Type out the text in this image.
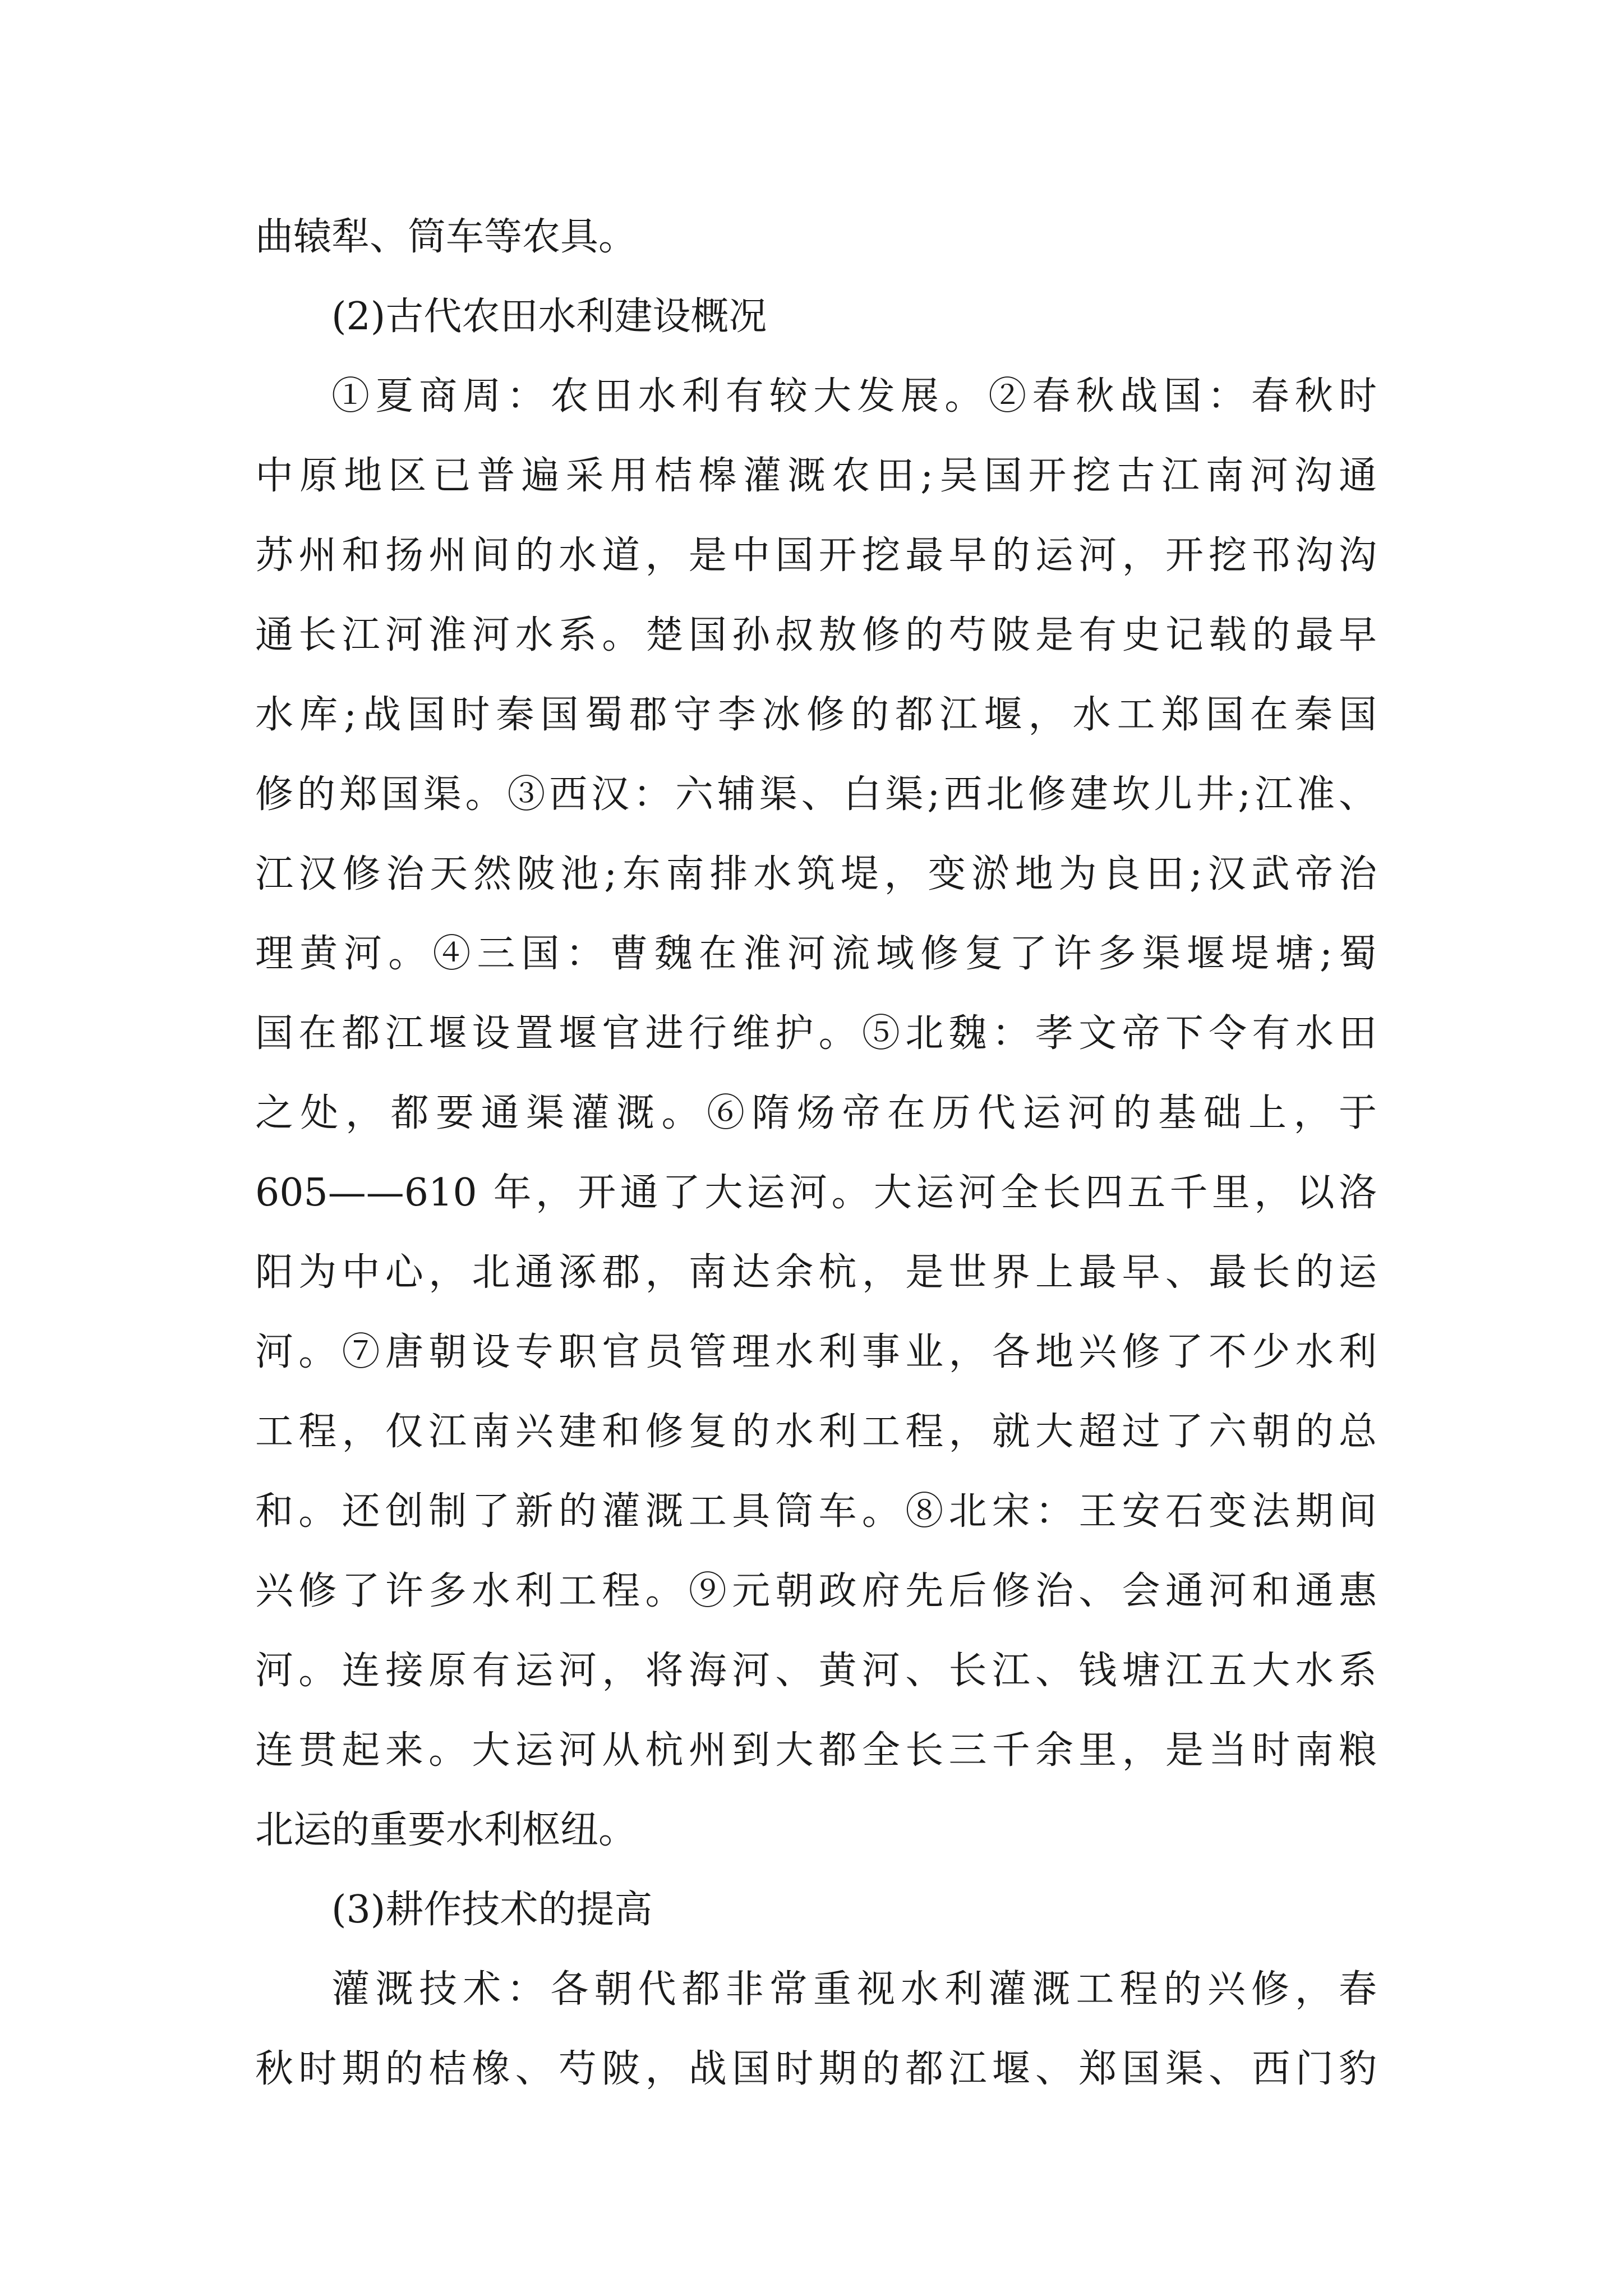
曲辕犁、筒车等农具。
(2)古代农田水利建设概况
①夏商周：农田水利有较大发展。②春秋战国：春秋时
中原地区已普遍采用桔槔灌溉农田;吴国开挖古江南河沟通
苏州和扬州间的水道，是中国开挖最早的运河，开挖邗沟沟
通长江河淮河水系。楚国孙叔敖修的芍陂是有史记载的最早
水库;战国时秦国蜀郡守李冰修的都江堰，水工郑国在秦国
修的郑国渠。③西汉：六辅渠、白渠;西北修建坎儿井;江准、
江汉修治天然陂池;东南排水筑堤，变淤地为良田;汉武帝治
理黄河。④三国：曹魏在淮河流域修复了许多渠堰堤塘;蜀
国在都江堰设置堰官进行维护。⑤北魏：孝文帝下令有水田
之处，都要通渠灌溉。⑥隋炀帝在历代运河的基础上，于
605——610 年，开通了大运河。大运河全长四五千里，以洛
阳为中心，北通涿郡，南达余杭，是世界上最早、最长的运
河。⑦唐朝设专职官员管理水利事业，各地兴修了不少水利
工程，仅江南兴建和修复的水利工程，就大超过了六朝的总
和。还创制了新的灌溉工具筒车。⑧北宋：王安石变法期间
兴修了许多水利工程。⑨元朝政府先后修治、会通河和通惠
河。连接原有运河，将海河、黄河、长江、钱塘江五大水系
连贯起来。大运河从杭州到大都全长三千余里，是当时南粮
北运的重要水利枢纽。
(3)耕作技术的提高
灌溉技术：各朝代都非常重视水利灌溉工程的兴修，春
秋时期的桔橡、芍陂，战国时期的都江堰、郑国渠、西门豹
